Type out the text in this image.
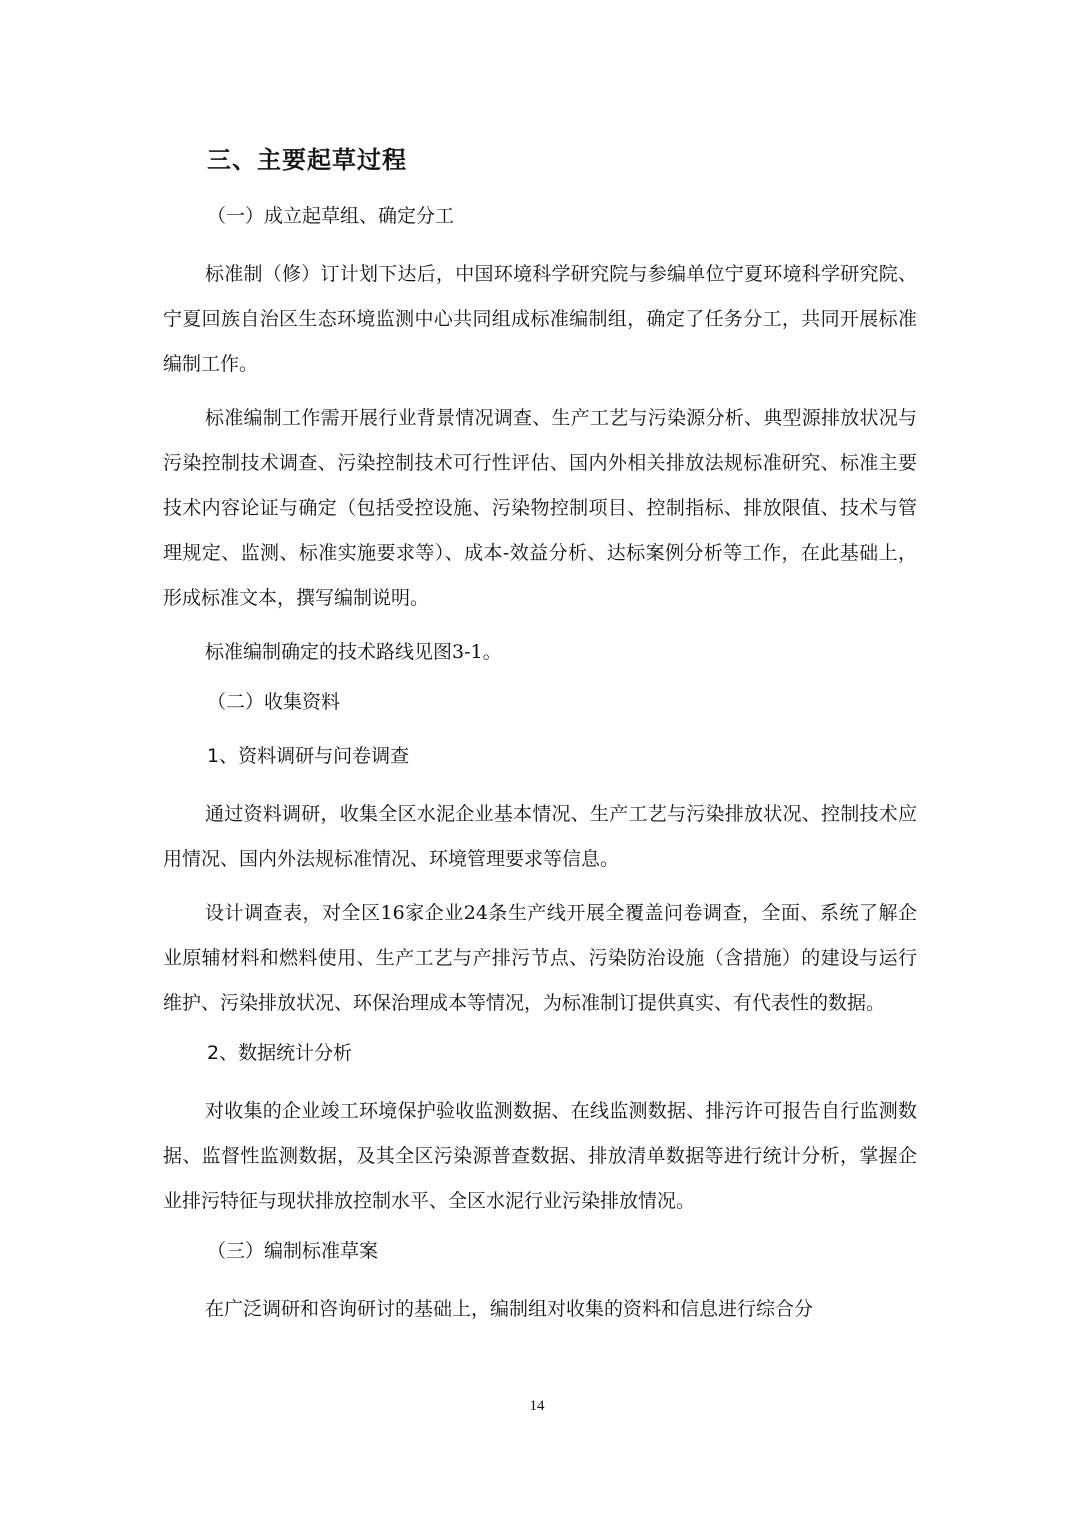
三、主要起草过程
（一）成立起草组、确定分工

标准制（修）订计划下达后，中国环境科学研究院与参编单位宁夏环境科学研究院、宁夏回族自治区生态环境监测中心共同组成标准编制组，确定了任务分工，共同开展标准编制工作。

标准编制工作需开展行业背景情况调查、生产工艺与污染源分析、典型源排放状况与污染控制技术调查、污染控制技术可行性评估、国内外相关排放法规标准研究、标准主要技术内容论证与确定（包括受控设施、污染物控制项目、控制指标、排放限值、技术与管理规定、监测、标准实施要求等）、成本-效益分析、达标案例分析等工作，在此基础上，形成标准文本，撰写编制说明。

标准编制确定的技术路线见图3-1。

（二）收集资料
1、资料调研与问卷调查

通过资料调研，收集全区水泥企业基本情况、生产工艺与污染排放状况、控制技术应用情况、国内外法规标准情况、环境管理要求等信息。

设计调查表，对全区16家企业24条生产线开展全覆盖问卷调查，全面、系统了解企业原辅材料和燃料使用、生产工艺与产排污节点、污染防治设施（含措施）的建设与运行维护、污染排放状况、环保治理成本等情况，为标准制订提供真实、有代表性的数据。

2、数据统计分析

对收集的企业竣工环境保护验收监测数据、在线监测数据、排污许可报告自行监测数据、监督性监测数据，及其全区污染源普查数据、排放清单数据等进行统计分析，掌握企业排污特征与现状排放控制水平、全区水泥行业污染排放情况。

（三）编制标准草案

在广泛调研和咨询研讨的基础上，编制组对收集的资料和信息进行综合分

14
